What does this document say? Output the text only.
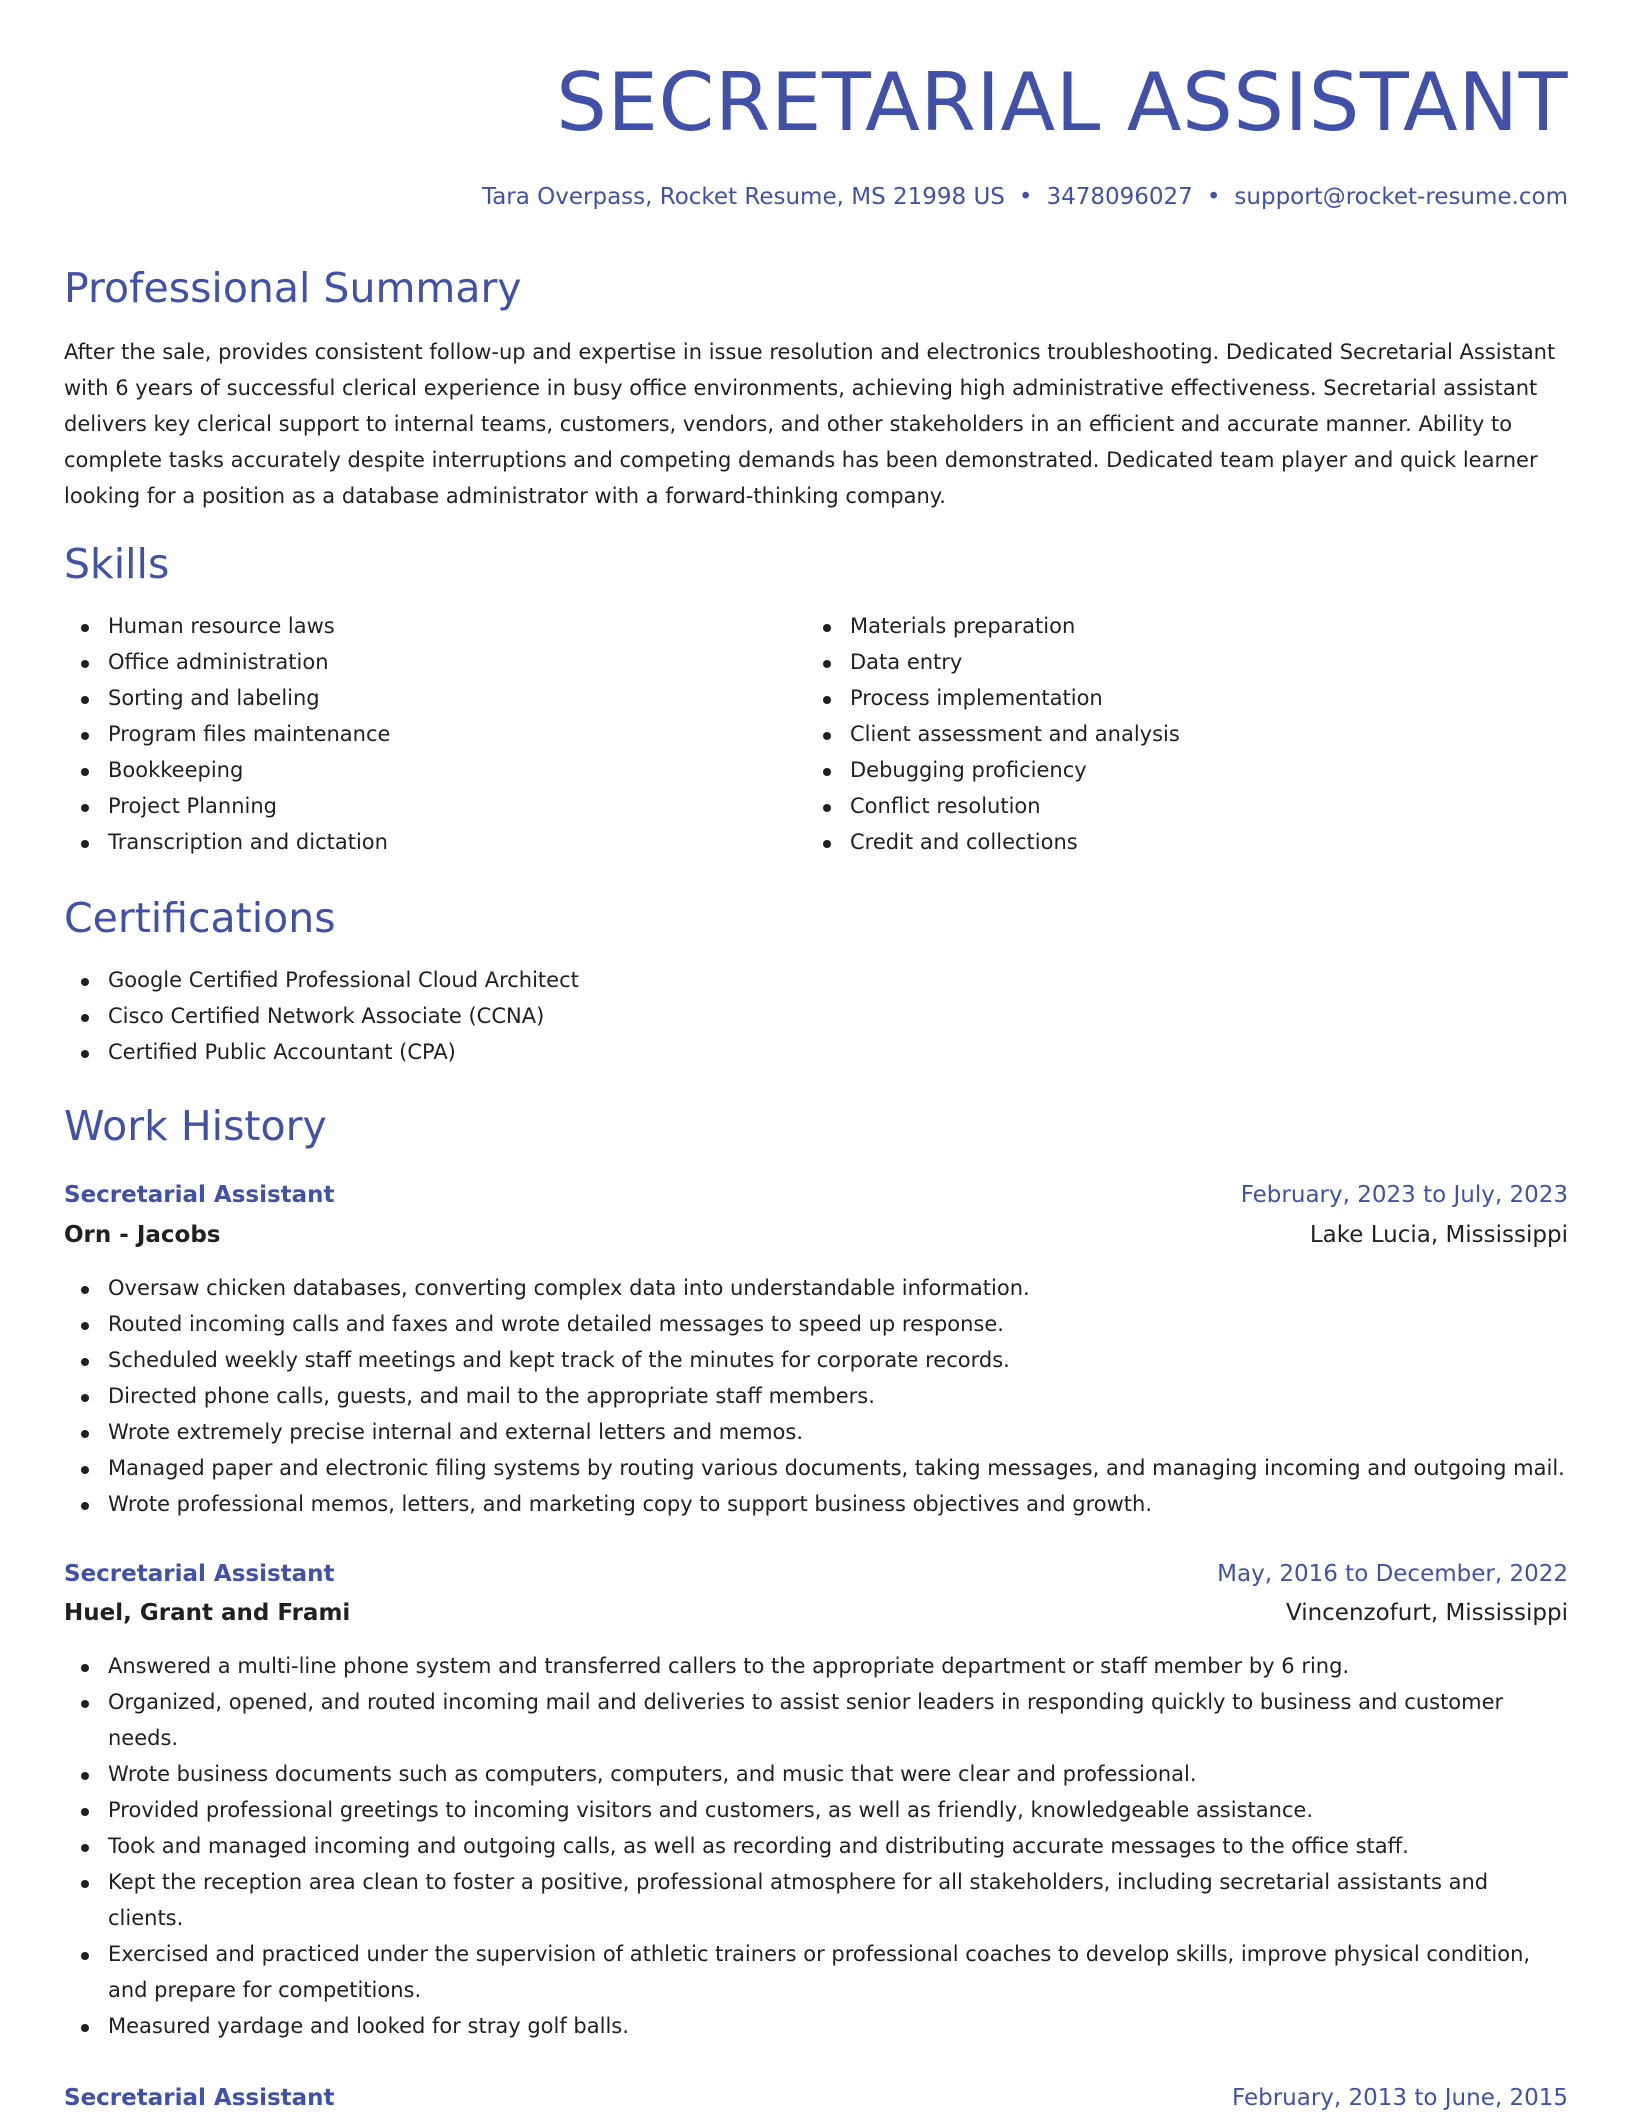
SECRETARIAL ASSISTANT
Tara Overpass, Rocket Resume, MS 21998 US • 3478096027 • support@rocket-resume.com
Professional Summary

After the sale, provides consistent follow-up and expertise in issue resolution and electronics troubleshooting. Dedicated Secretarial Assistant with 6 years of successful clerical experience in busy office environments, achieving high administrative effectiveness. Secretarial assistant delivers key clerical support to internal teams, customers, vendors, and other stakeholders in an efficient and accurate manner. Ability to complete tasks accurately despite interruptions and competing demands has been demonstrated. Dedicated team player and quick learner looking for a position as a database administrator with a forward-thinking company.

Skills
Human resource laws
Office administration
Sorting and labeling
Program files maintenance
Bookkeeping
Project Planning
Transcription and dictation
Materials preparation
Data entry
Process implementation
Client assessment and analysis
Debugging proficiency
Conflict resolution
Credit and collections
Certifications
Google Certified Professional Cloud Architect
Cisco Certified Network Associate (CCNA)
Certified Public Accountant (CPA)
Work History
Secretarial Assistant	February, 2023 to July, 2023
Orn - Jacobs	Lake Lucia, Mississippi
Oversaw chicken databases, converting complex data into understandable information.
Routed incoming calls and faxes and wrote detailed messages to speed up response.
Scheduled weekly staff meetings and kept track of the minutes for corporate records.
Directed phone calls, guests, and mail to the appropriate staff members.
Wrote extremely precise internal and external letters and memos.
Managed paper and electronic filing systems by routing various documents, taking messages, and managing incoming and outgoing mail.
Wrote professional memos, letters, and marketing copy to support business objectives and growth.
Secretarial Assistant	May, 2016 to December, 2022
Huel, Grant and Frami	Vincenzofurt, Mississippi
Answered a multi-line phone system and transferred callers to the appropriate department or staff member by 6 ring.
Organized, opened, and routed incoming mail and deliveries to assist senior leaders in responding quickly to business and customer needs.
Wrote business documents such as computers, computers, and music that were clear and professional.
Provided professional greetings to incoming visitors and customers, as well as friendly, knowledgeable assistance.
Took and managed incoming and outgoing calls, as well as recording and distributing accurate messages to the office staff.
Kept the reception area clean to foster a positive, professional atmosphere for all stakeholders, including secretarial assistants and clients.
Exercised and practiced under the supervision of athletic trainers or professional coaches to develop skills, improve physical condition, and prepare for competitions.
Measured yardage and looked for stray golf balls.
Secretarial Assistant	February, 2013 to June, 2015
